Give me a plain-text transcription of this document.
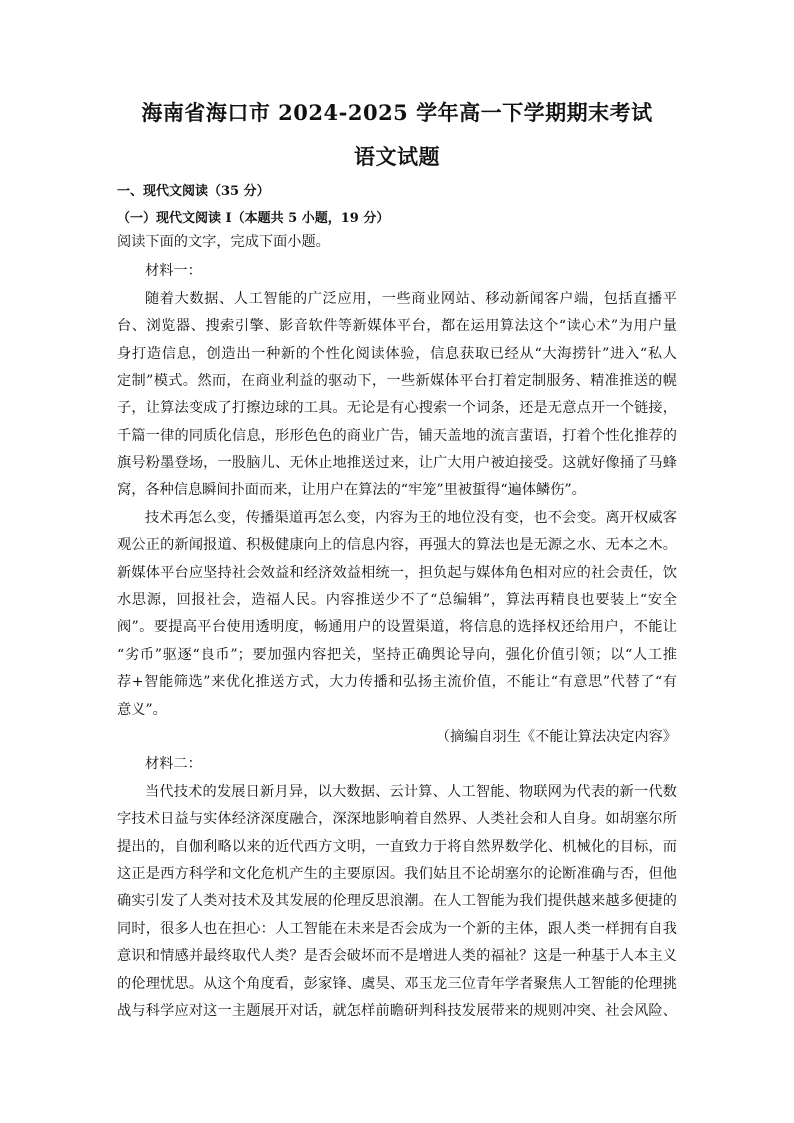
海南省海口市 2024-2025 学年高一下学期期末考试
语文试题
一、现代文阅读（35 分）
（一）现代文阅读 I（本题共 5 小题，19 分）
阅读下面的文字，完成下面小题。
材料一：
随着大数据、人工智能的广泛应用，一些商业网站、移动新闻客户端，包括直播平
台、浏览器、搜索引擎、影音软件等新媒体平台，都在运用算法这个“读心术”为用户量
身打造信息，创造出一种新的个性化阅读体验，信息获取已经从“大海捞针”进入“私人
定制”模式。然而，在商业利益的驱动下，一些新媒体平台打着定制服务、精准推送的幌
子，让算法变成了打擦边球的工具。无论是有心搜索一个词条，还是无意点开一个链接，
千篇一律的同质化信息，形形色色的商业广告，铺天盖地的流言蜚语，打着个性化推荐的
旗号粉墨登场，一股脑儿、无休止地推送过来，让广大用户被迫接受。这就好像捅了马蜂
窝，各种信息瞬间扑面而来，让用户在算法的“牢笼”里被蜇得“遍体鳞伤”。
技术再怎么变，传播渠道再怎么变，内容为王的地位没有变，也不会变。离开权威客
观公正的新闻报道、积极健康向上的信息内容，再强大的算法也是无源之水、无本之木。
新媒体平台应坚持社会效益和经济效益相统一，担负起与媒体角色相对应的社会责任，饮
水思源，回报社会，造福人民。内容推送少不了“总编辑”，算法再精良也要装上“安全
阀”。要提高平台使用透明度，畅通用户的设置渠道，将信息的选择权还给用户，不能让
“劣币”驱逐“良币”；要加强内容把关，坚持正确舆论导向，强化价值引领；以“人工推
荐+智能筛选”来优化推送方式，大力传播和弘扬主流价值，不能让“有意思”代替了“有
意义”。
（摘编自羽生《不能让算法决定内容》
材料二：
当代技术的发展日新月异，以大数据、云计算、人工智能、物联网为代表的新一代数
字技术日益与实体经济深度融合，深深地影响着自然界、人类社会和人自身。如胡塞尔所
提出的，自伽利略以来的近代西方文明，一直致力于将自然界数学化、机械化的目标，而
这正是西方科学和文化危机产生的主要原因。我们姑且不论胡塞尔的论断准确与否，但他
确实引发了人类对技术及其发展的伦理反思浪潮。在人工智能为我们提供越来越多便捷的
同时，很多人也在担心：人工智能在未来是否会成为一个新的主体，跟人类一样拥有自我
意识和情感并最终取代人类？是否会破坏而不是增进人类的福祉？这是一种基于人本主义
的伦理忧思。从这个角度看，彭家锋、虞昊、邓玉龙三位青年学者聚焦人工智能的伦理挑
战与科学应对这一主题展开对话，就怎样前瞻研判科技发展带来的规则冲突、社会风险、
